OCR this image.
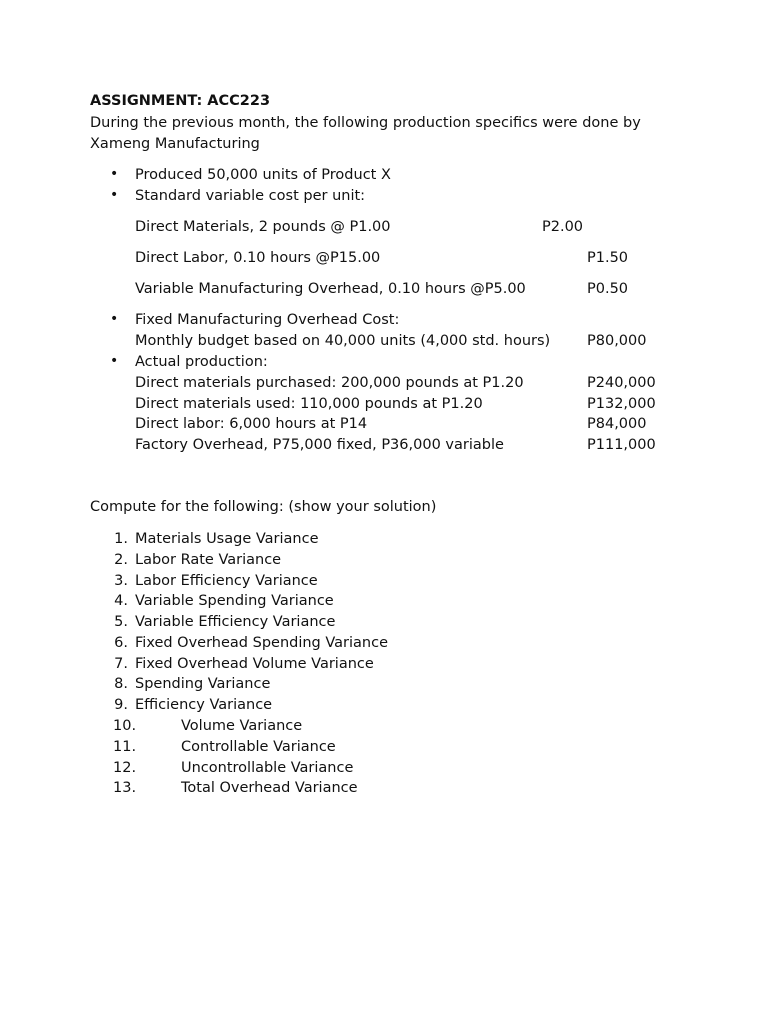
ASSIGNMENT: ACC223
During the previous month, the following production specifics were done by
Xameng Manufacturing
• Produced 50,000 units of Product X
• Standard variable cost per unit:
Direct Materials, 2 pounds @ P1.00	P2.00
Direct Labor, 0.10 hours @P15.00	P1.50
Variable Manufacturing Overhead, 0.10 hours @P5.00	P0.50
• Fixed Manufacturing Overhead Cost:
Monthly budget based on 40,000 units (4,000 std. hours)	P80,000
• Actual production:
Direct materials purchased: 200,000 pounds at P1.20	P240,000
Direct materials used: 110,000 pounds at P1.20	P132,000
Direct labor: 6,000 hours at P14	P84,000
Factory Overhead, P75,000 fixed, P36,000 variable	P111,000
Compute for the following: (show your solution)
1. Materials Usage Variance
2. Labor Rate Variance
3. Labor Efficiency Variance
4. Variable Spending Variance
5. Variable Efficiency Variance
6. Fixed Overhead Spending Variance
7. Fixed Overhead Volume Variance
8. Spending Variance
9. Efficiency Variance
10.	Volume Variance
11.	Controllable Variance
12.	Uncontrollable Variance
13.	Total Overhead Variance
